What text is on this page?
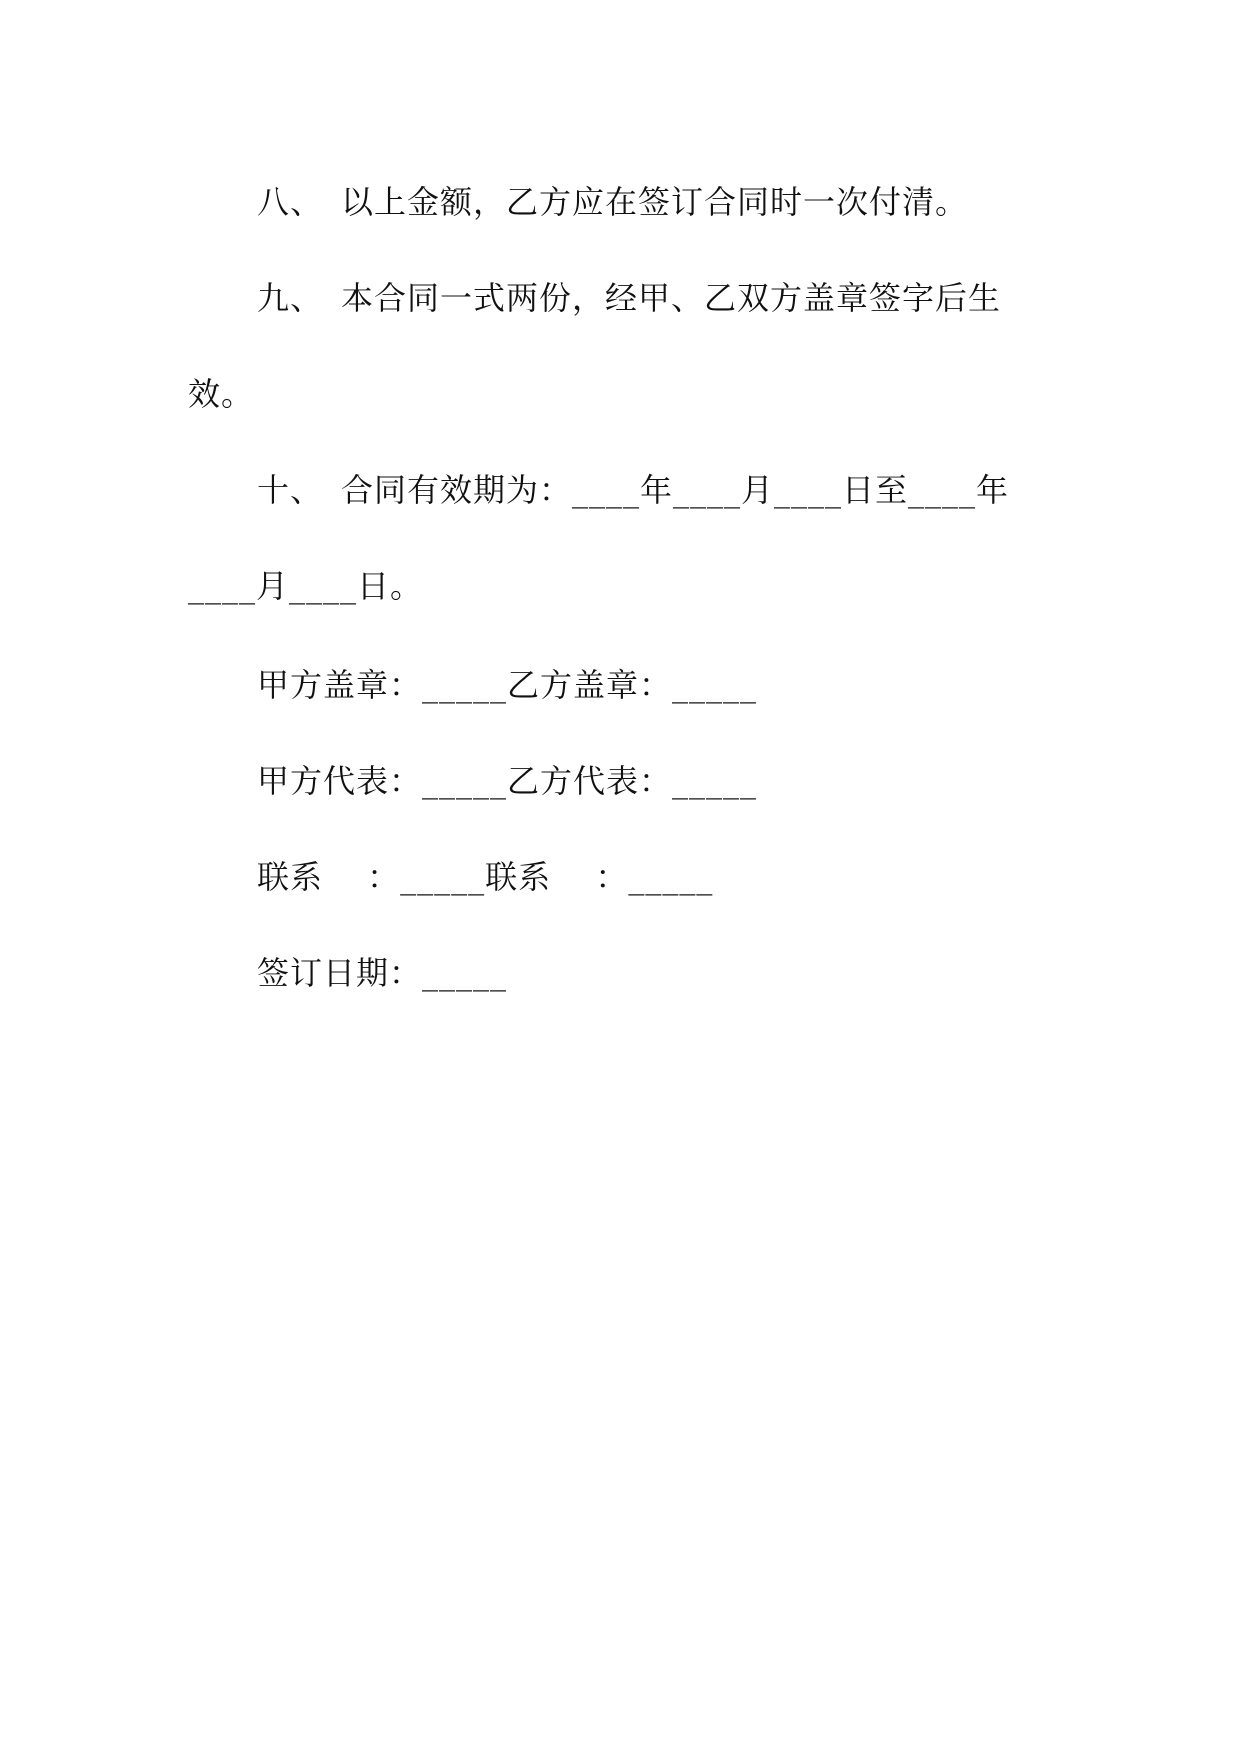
八、 以上金额，乙方应在签订合同时一次付清。
九、 本合同一式两份，经甲、乙双方盖章签字后生
效。
十、 合同有效期为：____年____月____日至____年
____月____日。
甲方盖章：_____乙方盖章：_____
甲方代表：_____乙方代表：_____
联系　 ：_____联系　 ：_____
签订日期：_____
